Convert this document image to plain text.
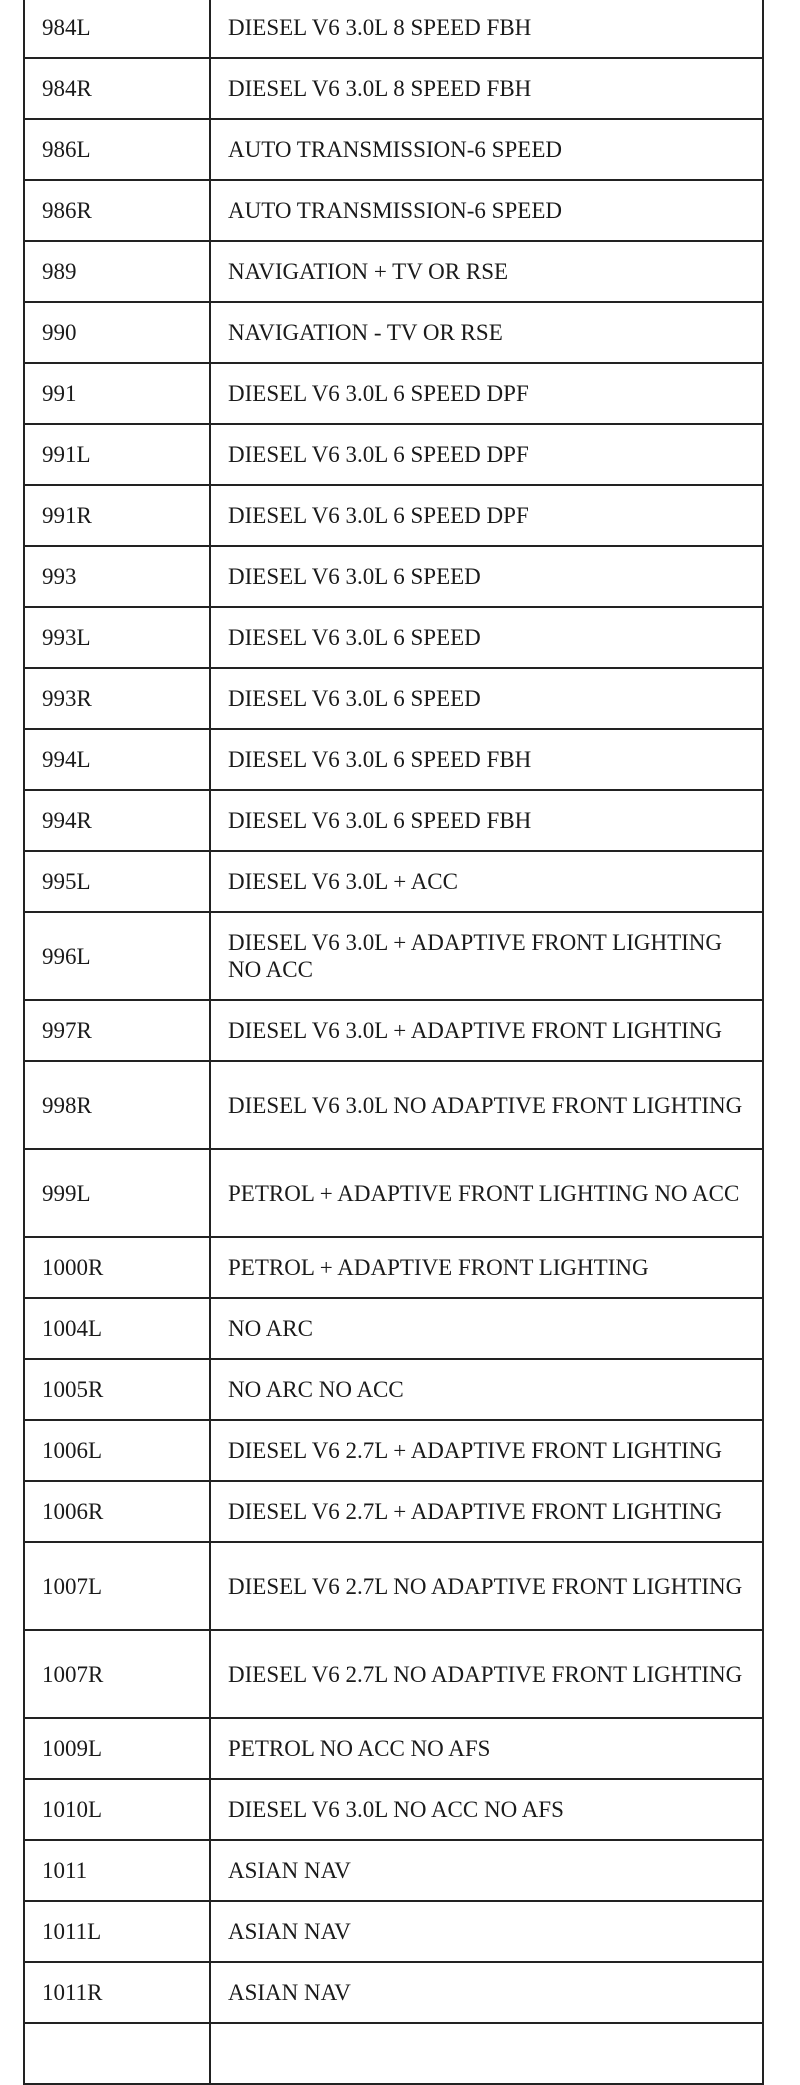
984L	DIESEL V6 3.0L 8 SPEED FBH
984R	DIESEL V6 3.0L 8 SPEED FBH
986L	AUTO TRANSMISSION-6 SPEED
986R	AUTO TRANSMISSION-6 SPEED
989	NAVIGATION + TV OR RSE
990	NAVIGATION - TV OR RSE
991	DIESEL V6 3.0L 6 SPEED DPF
991L	DIESEL V6 3.0L 6 SPEED DPF
991R	DIESEL V6 3.0L 6 SPEED DPF
993	DIESEL V6 3.0L 6 SPEED
993L	DIESEL V6 3.0L 6 SPEED
993R	DIESEL V6 3.0L 6 SPEED
994L	DIESEL V6 3.0L 6 SPEED FBH
994R	DIESEL V6 3.0L 6 SPEED FBH
995L	DIESEL V6 3.0L + ACC
996L	DIESEL V6 3.0L + ADAPTIVE FRONT LIGHTING NO ACC
997R	DIESEL V6 3.0L + ADAPTIVE FRONT LIGHTING
998R	DIESEL V6 3.0L NO ADAPTIVE FRONT LIGHTING
999L	PETROL + ADAPTIVE FRONT LIGHTING NO ACC
1000R	PETROL + ADAPTIVE FRONT LIGHTING
1004L	NO ARC
1005R	NO ARC NO ACC
1006L	DIESEL V6 2.7L + ADAPTIVE FRONT LIGHTING
1006R	DIESEL V6 2.7L + ADAPTIVE FRONT LIGHTING
1007L	DIESEL V6 2.7L NO ADAPTIVE FRONT LIGHTING
1007R	DIESEL V6 2.7L NO ADAPTIVE FRONT LIGHTING
1009L	PETROL NO ACC NO AFS
1010L	DIESEL V6 3.0L NO ACC NO AFS
1011	ASIAN NAV
1011L	ASIAN NAV
1011R	ASIAN NAV
